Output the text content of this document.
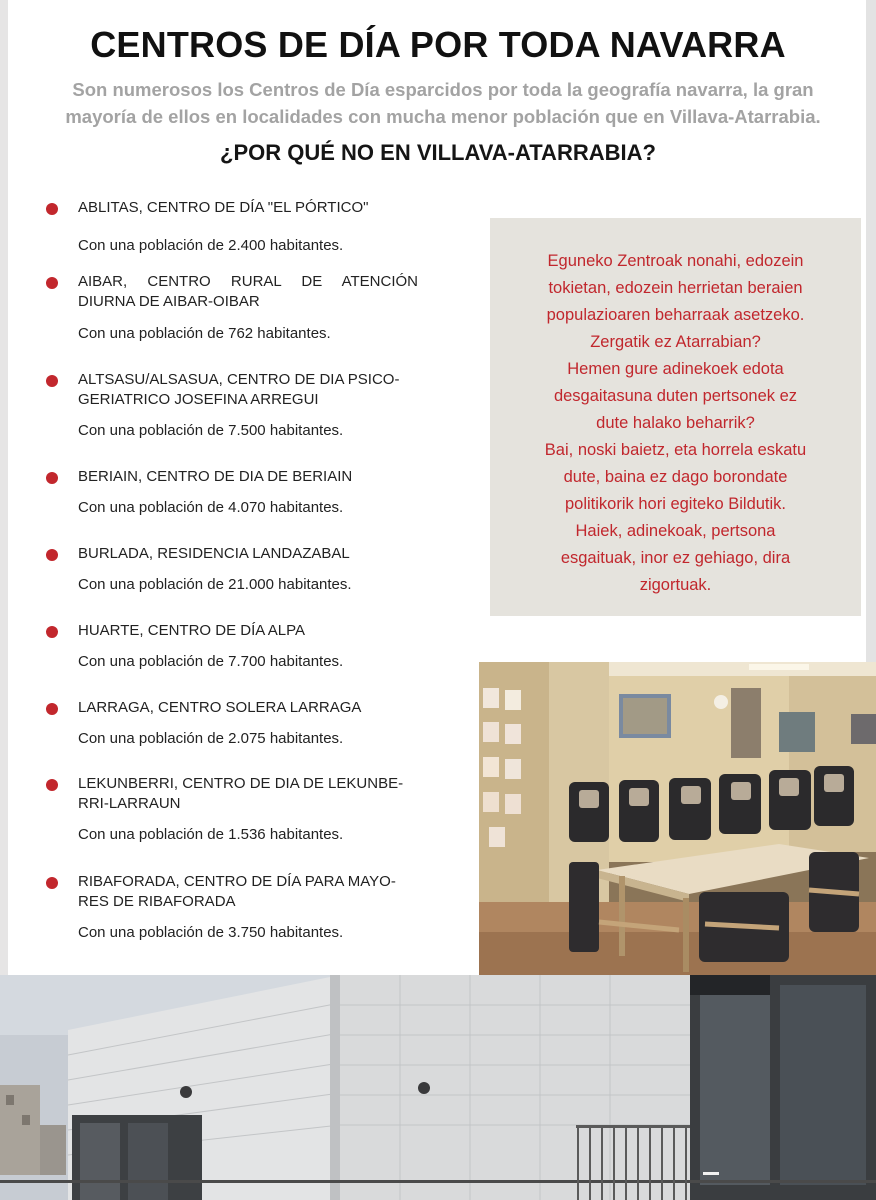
CENTROS DE DÍA POR TODA NAVARRA
Son numerosos los Centros de Día esparcidos por toda la geografía navarra, la gran
mayoría de ellos en localidades con mucha menor población que en Villava-Atarrabia.
¿POR QUÉ NO EN VILLAVA-ATARRABIA?
ABLITAS, CENTRO DE DÍA "EL PÓRTICO"
Con una población de 2.400 habitantes.
AIBAR, CENTRO RURAL DE ATENCIÓN
DIURNA DE AIBAR-OIBAR
Con una población de 762 habitantes.
ALTSASU/ALSASUA, CENTRO DE DIA PSICO-
GERIATRICO JOSEFINA ARREGUI
Con una población de 7.500 habitantes.
BERIAIN, CENTRO DE DIA DE BERIAIN
Con una población de 4.070 habitantes.
BURLADA, RESIDENCIA LANDAZABAL
Con una población de 21.000 habitantes.
HUARTE, CENTRO DE DÍA ALPA
Con una población de 7.700 habitantes.
LARRAGA, CENTRO SOLERA LARRAGA
Con una población de 2.075 habitantes.
LEKUNBERRI, CENTRO DE DIA DE LEKUNBE-
RRI-LARRAUN
Con una población de 1.536 habitantes.
RIBAFORADA, CENTRO DE DÍA PARA MAYO-
RES DE RIBAFORADA
Con una población de 3.750 habitantes.
Eguneko Zentroak nonahi, edozein
tokietan, edozein herrietan beraien
populazioaren beharraak asetzeko.
Zergatik ez Atarrabian?
Hemen gure adinekoek edota
desgaitasuna duten pertsonek ez
dute halako beharrik?
Bai, noski baietz, eta horrela eskatu
dute, baina ez dago borondate
politikorik hori egiteko Bildutik.
Haiek, adinekoak, pertsona
esgaituak, inor ez gehiago, dira
zigortuak.
